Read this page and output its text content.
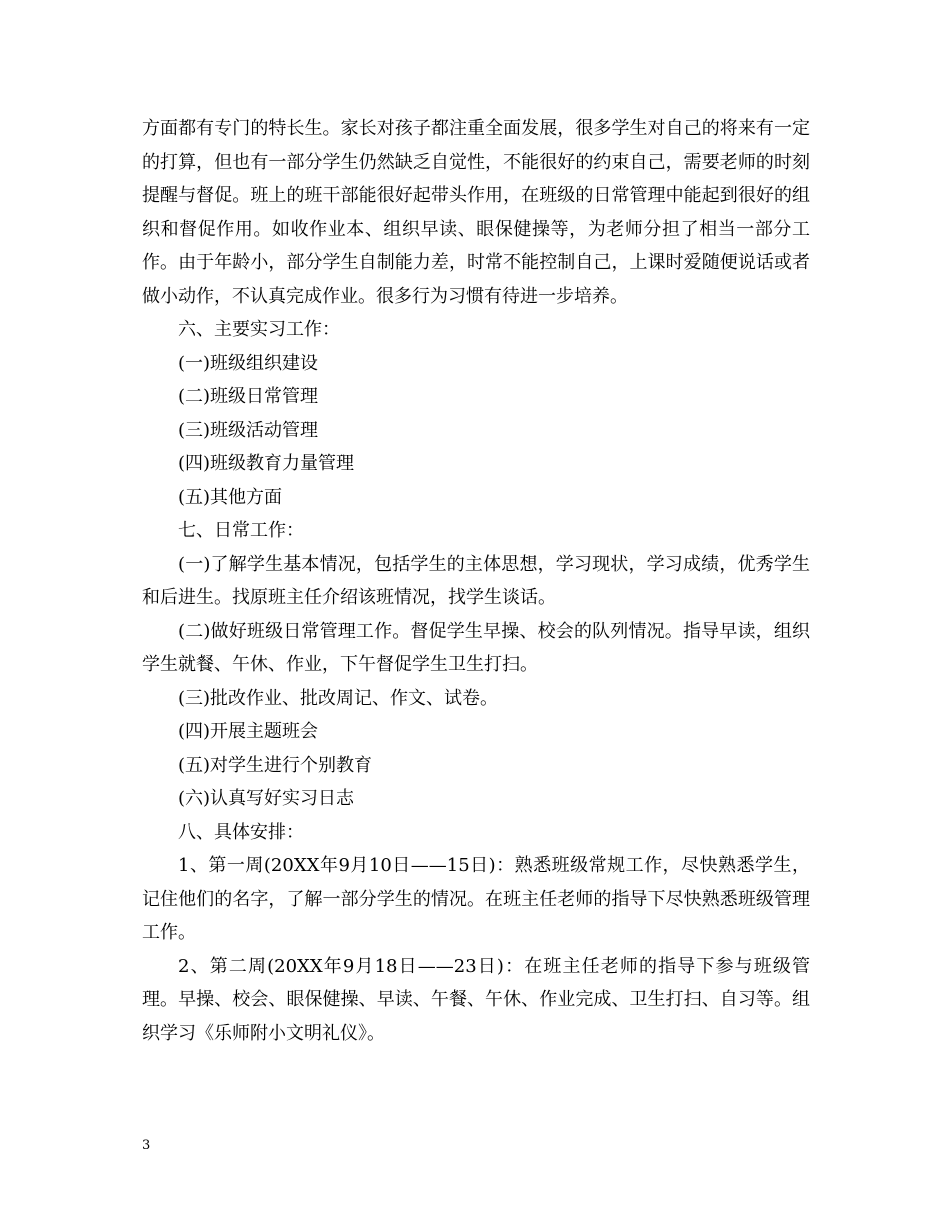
方面都有专门的特长生。家长对孩子都注重全面发展，很多学生对自己的将来有一定的打算，但也有一部分学生仍然缺乏自觉性，不能很好的约束自己，需要老师的时刻提醒与督促。班上的班干部能很好起带头作用，在班级的日常管理中能起到很好的组织和督促作用。如收作业本、组织早读、眼保健操等，为老师分担了相当一部分工作。由于年龄小，部分学生自制能力差，时常不能控制自己，上课时爱随便说话或者做小动作，不认真完成作业。很多行为习惯有待进一步培养。

六、主要实习工作：

(一)班级组织建设

(二)班级日常管理

(三)班级活动管理

(四)班级教育力量管理

(五)其他方面

七、日常工作：

(一)了解学生基本情况，包括学生的主体思想，学习现状，学习成绩，优秀学生和后进生。找原班主任介绍该班情况，找学生谈话。

(二)做好班级日常管理工作。督促学生早操、校会的队列情况。指导早读，组织学生就餐、午休、作业，下午督促学生卫生打扫。

(三)批改作业、批改周记、作文、试卷。

(四)开展主题班会

(五)对学生进行个别教育

(六)认真写好实习日志

八、具体安排：

1、第一周(20XX年9月10日——15日)：熟悉班级常规工作，尽快熟悉学生，记住他们的名字，了解一部分学生的情况。在班主任老师的指导下尽快熟悉班级管理工作。

2、第二周(20XX年9月18日——23日)：在班主任老师的指导下参与班级管理。早操、校会、眼保健操、早读、午餐、午休、作业完成、卫生打扫、自习等。组织学习《乐师附小文明礼仪》。

3
